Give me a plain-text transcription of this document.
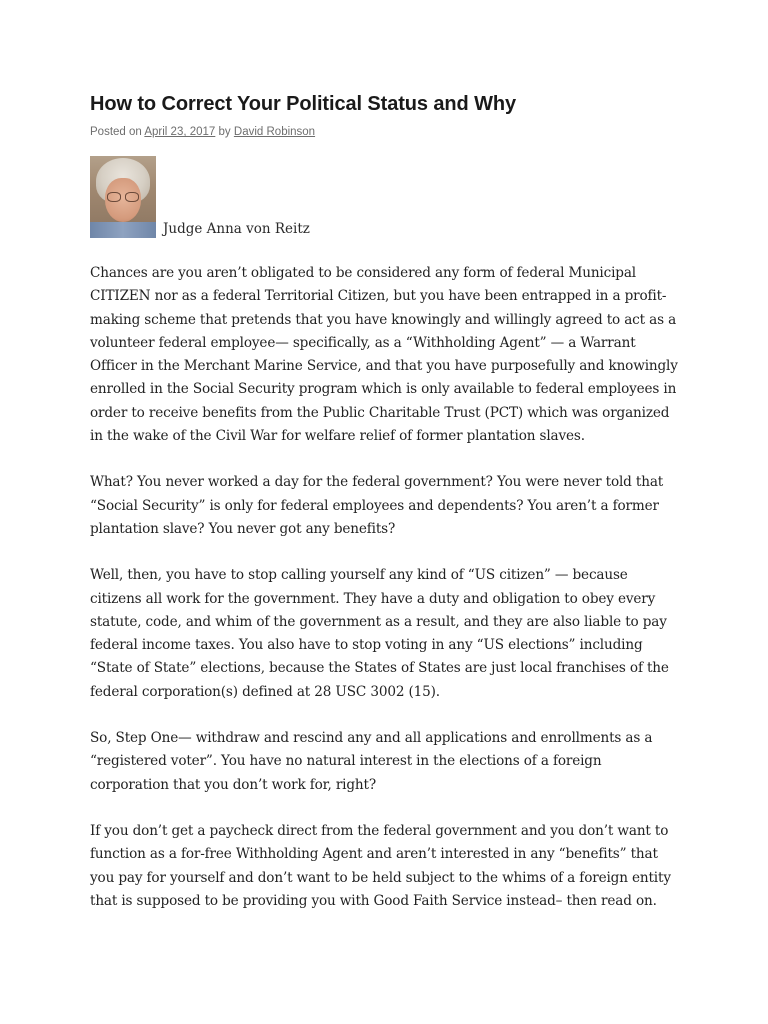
How to Correct Your Political Status and Why
Posted on April 23, 2017 by David Robinson
Judge Anna von Reitz

Chances are you aren’t obligated to be considered any form of federal Municipal CITIZEN nor as a federal Territorial Citizen, but you have been entrapped in a profit-making scheme that pretends that you have knowingly and willingly agreed to act as a volunteer federal employee— specifically, as a “Withholding Agent” — a Warrant Officer in the Merchant Marine Service, and that you have purposefully and knowingly enrolled in the Social Security program which is only available to federal employees in order to receive benefits from the Public Charitable Trust (PCT) which was organized in the wake of the Civil War for welfare relief of former plantation slaves.

What? You never worked a day for the federal government? You were never told that “Social Security” is only for federal employees and dependents? You aren’t a former plantation slave? You never got any benefits?

Well, then, you have to stop calling yourself any kind of “US citizen” — because citizens all work for the government. They have a duty and obligation to obey every statute, code, and whim of the government as a result, and they are also liable to pay federal income taxes. You also have to stop voting in any “US elections” including “State of State” elections, because the States of States are just local franchises of the federal corporation(s) defined at 28 USC 3002 (15).

So, Step One— withdraw and rescind any and all applications and enrollments as a “registered voter”. You have no natural interest in the elections of a foreign corporation that you don’t work for, right?

If you don’t get a paycheck direct from the federal government and you don’t want to function as a for-free Withholding Agent and aren’t interested in any “benefits” that you pay for yourself and don’t want to be held subject to the whims of a foreign entity that is supposed to be providing you with Good Faith Service instead– then read on.
